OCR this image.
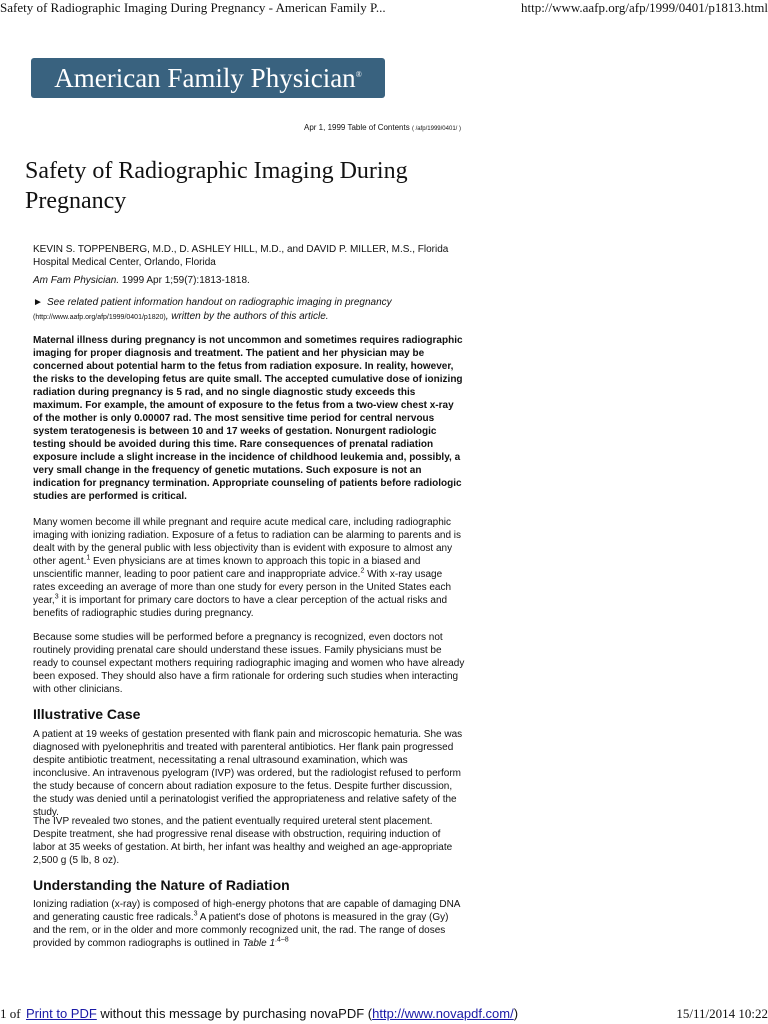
Safety of Radiographic Imaging During Pregnancy - American Family P...	http://www.aafp.org/afp/1999/0401/p1813.html
American Family Physician®
Apr 1, 1999 Table of Contents ( /afp/1999/0401/ )
Safety of Radiographic Imaging During Pregnancy

KEVIN S. TOPPENBERG, M.D., D. ASHLEY HILL, M.D., and DAVID P. MILLER, M.S., Florida Hospital Medical Center, Orlando, Florida

Am Fam Physician. 1999 Apr 1;59(7):1813-1818.

► See related patient information handout on radiographic imaging in pregnancy (http://www.aafp.org/afp/1999/0401/p1820), written by the authors of this article.

Maternal illness during pregnancy is not uncommon and sometimes requires radiographic imaging for proper diagnosis and treatment. The patient and her physician may be concerned about potential harm to the fetus from radiation exposure. In reality, however, the risks to the developing fetus are quite small. The accepted cumulative dose of ionizing radiation during pregnancy is 5 rad, and no single diagnostic study exceeds this maximum. For example, the amount of exposure to the fetus from a two-view chest x-ray of the mother is only 0.00007 rad. The most sensitive time period for central nervous system teratogenesis is between 10 and 17 weeks of gestation. Nonurgent radiologic testing should be avoided during this time. Rare consequences of prenatal radiation exposure include a slight increase in the incidence of childhood leukemia and, possibly, a very small change in the frequency of genetic mutations. Such exposure is not an indication for pregnancy termination. Appropriate counseling of patients before radiologic studies are performed is critical.

Many women become ill while pregnant and require acute medical care, including radiographic imaging with ionizing radiation. Exposure of a fetus to radiation can be alarming to parents and is dealt with by the general public with less objectivity than is evident with exposure to almost any other agent.$^1$ Even physicians are at times known to approach this topic in a biased and unscientific manner, leading to poor patient care and inappropriate advice.$^2$ With x-ray usage rates exceeding an average of more than one study for every person in the United States each year,$^3$ it is important for primary care doctors to have a clear perception of the actual risks and benefits of radiographic studies during pregnancy.

Because some studies will be performed before a pregnancy is recognized, even doctors not routinely providing prenatal care should understand these issues. Family physicians must be ready to counsel expectant mothers requiring radiographic imaging and women who have already been exposed. They should also have a firm rationale for ordering such studies when interacting with other clinicians.

Illustrative Case

A patient at 19 weeks of gestation presented with flank pain and microscopic hematuria. She was diagnosed with pyelonephritis and treated with parenteral antibiotics. Her flank pain progressed despite antibiotic treatment, necessitating a renal ultrasound examination, which was inconclusive. An intravenous pyelogram (IVP) was ordered, but the radiologist refused to perform the study because of concern about radiation exposure to the fetus. Despite further discussion, the study was denied until a perinatologist verified the appropriateness and relative safety of the study.

The IVP revealed two stones, and the patient eventually required ureteral stent placement. Despite treatment, she had progressive renal disease with obstruction, requiring induction of labor at 35 weeks of gestation. At birth, her infant was healthy and weighed an age-appropriate 2,500 g (5 lb, 8 oz).

Understanding the Nature of Radiation

Ionizing radiation (x-ray) is composed of high-energy photons that are capable of damaging DNA and generating caustic free radicals.$^3$ A patient's dose of photons is measured in the gray (Gy) and the rem, or in the older and more commonly recognized unit, the rad. The range of doses provided by common radiographs is outlined in Table $1^{.4-8}$

1 of Print to PDF without this message by purchasing novaPDF (http://www.novapdf.com/)	15/11/2014 10:22
